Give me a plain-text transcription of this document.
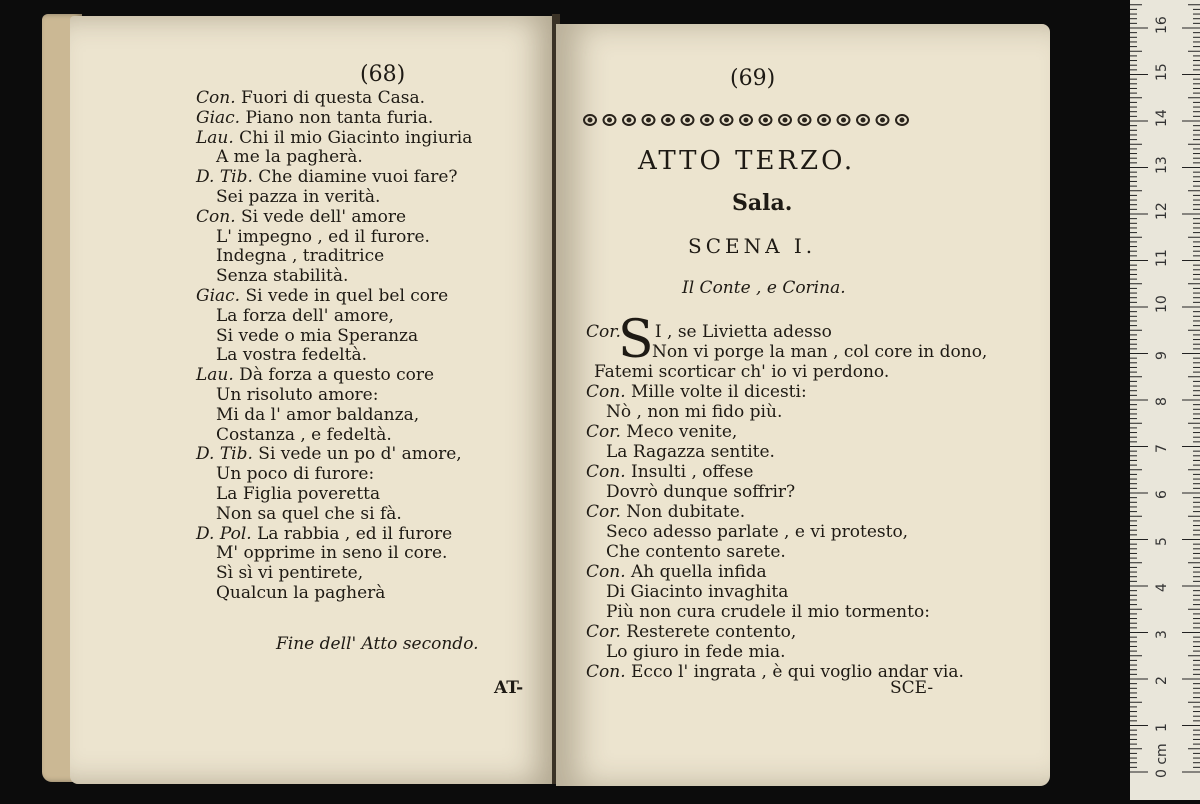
(68)
Con. Fuori di questa Casa.
Giac. Piano non tanta furia.
Lau. Chi il mio Giacinto ingiuria
A me la pagherà.
D. Tib. Che diamine vuoi fare?
Sei pazza in verità.
Con. Si vede dell' amore
L' impegno , ed il furore.
Indegna , traditrice
Senza stabilità.
Giac. Si vede in quel bel core
La forza dell' amore,
Si vede o mia Speranza
La vostra fedeltà.
Lau. Dà forza a questo core
Un risoluto amore:
Mi da l' amor baldanza,
Costanza , e fedeltà.
D. Tib. Si vede un po d' amore,
Un poco di furore:
La Figlia poveretta
Non sa quel che si fà.
D. Pol. La rabbia , ed il furore
M' opprime in seno il core.
Sì sì vi pentirete,
Qualcun la pagherà
Fine dell' Atto secondo.
AT-
(69)
ATTO TERZO.
Sala.
SCENA I.
Il Conte , e Corina.
S
Cor. I , se Livietta adesso
Non vi porge la man , col core in dono,
Fatemi scorticar ch' io vi perdono.
Con. Mille volte il dicesti:
Nò , non mi fido più.
Cor. Meco venite,
La Ragazza sentite.
Con. Insulti , offese
Dovrò dunque soffrir?
Cor. Non dubitate.
Seco adesso parlate , e vi protesto,
Che contento sarete.
Con. Ah quella infida
Di Giacinto invaghita
Più non cura crudele il mio tormento:
Cor. Resterete contento,
Lo giuro in fede mia.
Con. Ecco l' ingrata , è qui voglio andar via.
SCE-
0 cm
1
2
3
4
5
6
7
8
9
10
11
12
13
14
15
16
